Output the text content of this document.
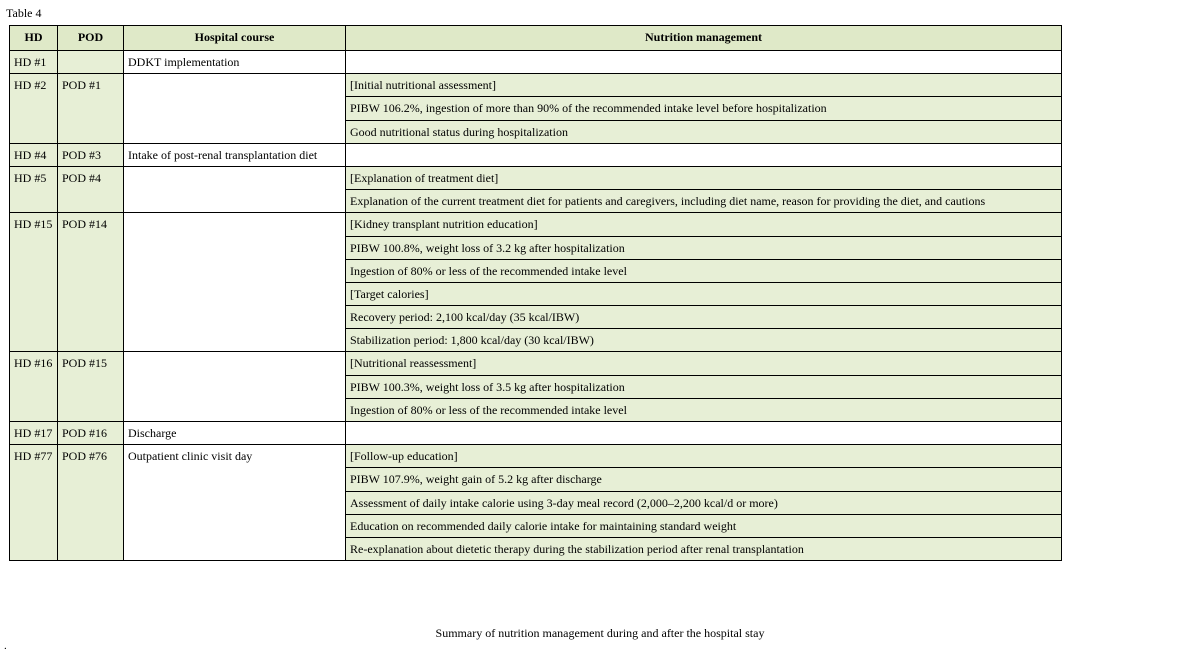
Table 4
HD	POD	Hospital course	Nutrition management
HD #1		DDKT implementation	
HD #2	POD #1		[Initial nutritional assessment]
			PIBW 106.2%, ingestion of more than 90% of the recommended intake level before hospitalization
			Good nutritional status during hospitalization
HD #4	POD #3	Intake of post-renal transplantation diet	
HD #5	POD #4		[Explanation of treatment diet]
			Explanation of the current treatment diet for patients and caregivers, including diet name, reason for providing the diet, and cautions
HD #15	POD #14		[Kidney transplant nutrition education]
			PIBW 100.8%, weight loss of 3.2 kg after hospitalization
			Ingestion of 80% or less of the recommended intake level
			[Target calories]
			Recovery period: 2,100 kcal/day (35 kcal/IBW)
			Stabilization period: 1,800 kcal/day (30 kcal/IBW)
HD #16	POD #15		[Nutritional reassessment]
			PIBW 100.3%, weight loss of 3.5 kg after hospitalization
			Ingestion of 80% or less of the recommended intake level
HD #17	POD #16	Discharge	
HD #77	POD #76	Outpatient clinic visit day	[Follow-up education]
			PIBW 107.9%, weight gain of 5.2 kg after discharge
			Assessment of daily intake calorie using 3-day meal record (2,000–2,200 kcal/d or more)
			Education on recommended daily calorie intake for maintaining standard weight
			Re-explanation about dietetic therapy during the stabilization period after renal transplantation
Summary of nutrition management during and after the hospital stay
.
